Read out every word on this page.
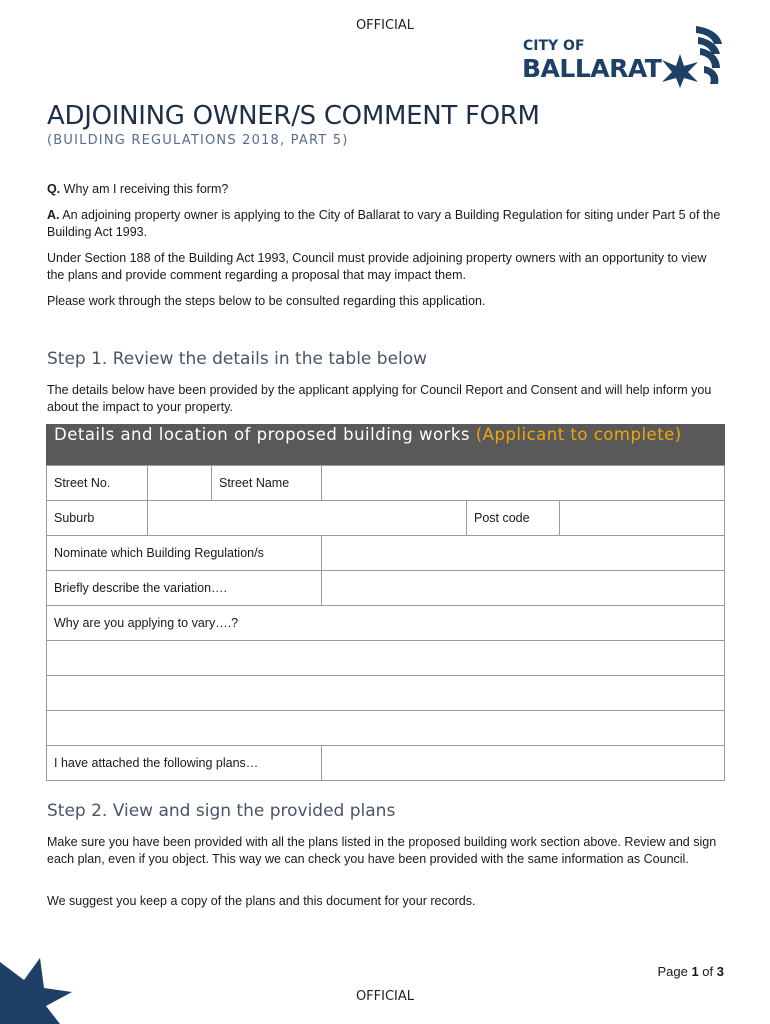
OFFICIAL
CITY OF
BALLARAT
ADJOINING OWNER/S COMMENT FORM
(BUILDING REGULATIONS 2018, PART 5)
Q. Why am I receiving this form?
A. An adjoining property owner is applying to the City of Ballarat to vary a Building Regulation for siting under Part 5 of the Building Act 1993.
Under Section 188 of the Building Act 1993, Council must provide adjoining property owners with an opportunity to view the plans and provide comment regarding a proposal that may impact them.
Please work through the steps below to be consulted regarding this application.
Step 1. Review the details in the table below
The details below have been provided by the applicant applying for Council Report and Consent and will help inform you about the impact to your property.
Details and location of proposed building works (Applicant to complete)
Street No.	Street Name
Suburb	Post code
Nominate which Building Regulation/s
Briefly describe the variation….
Why are you applying to vary….?
I have attached the following plans…
Step 2. View and sign the provided plans
Make sure you have been provided with all the plans listed in the proposed building work section above. Review and sign each plan, even if you object. This way we can check you have been provided with the same information as Council.
We suggest you keep a copy of the plans and this document for your records.
Page 1 of 3
OFFICIAL
